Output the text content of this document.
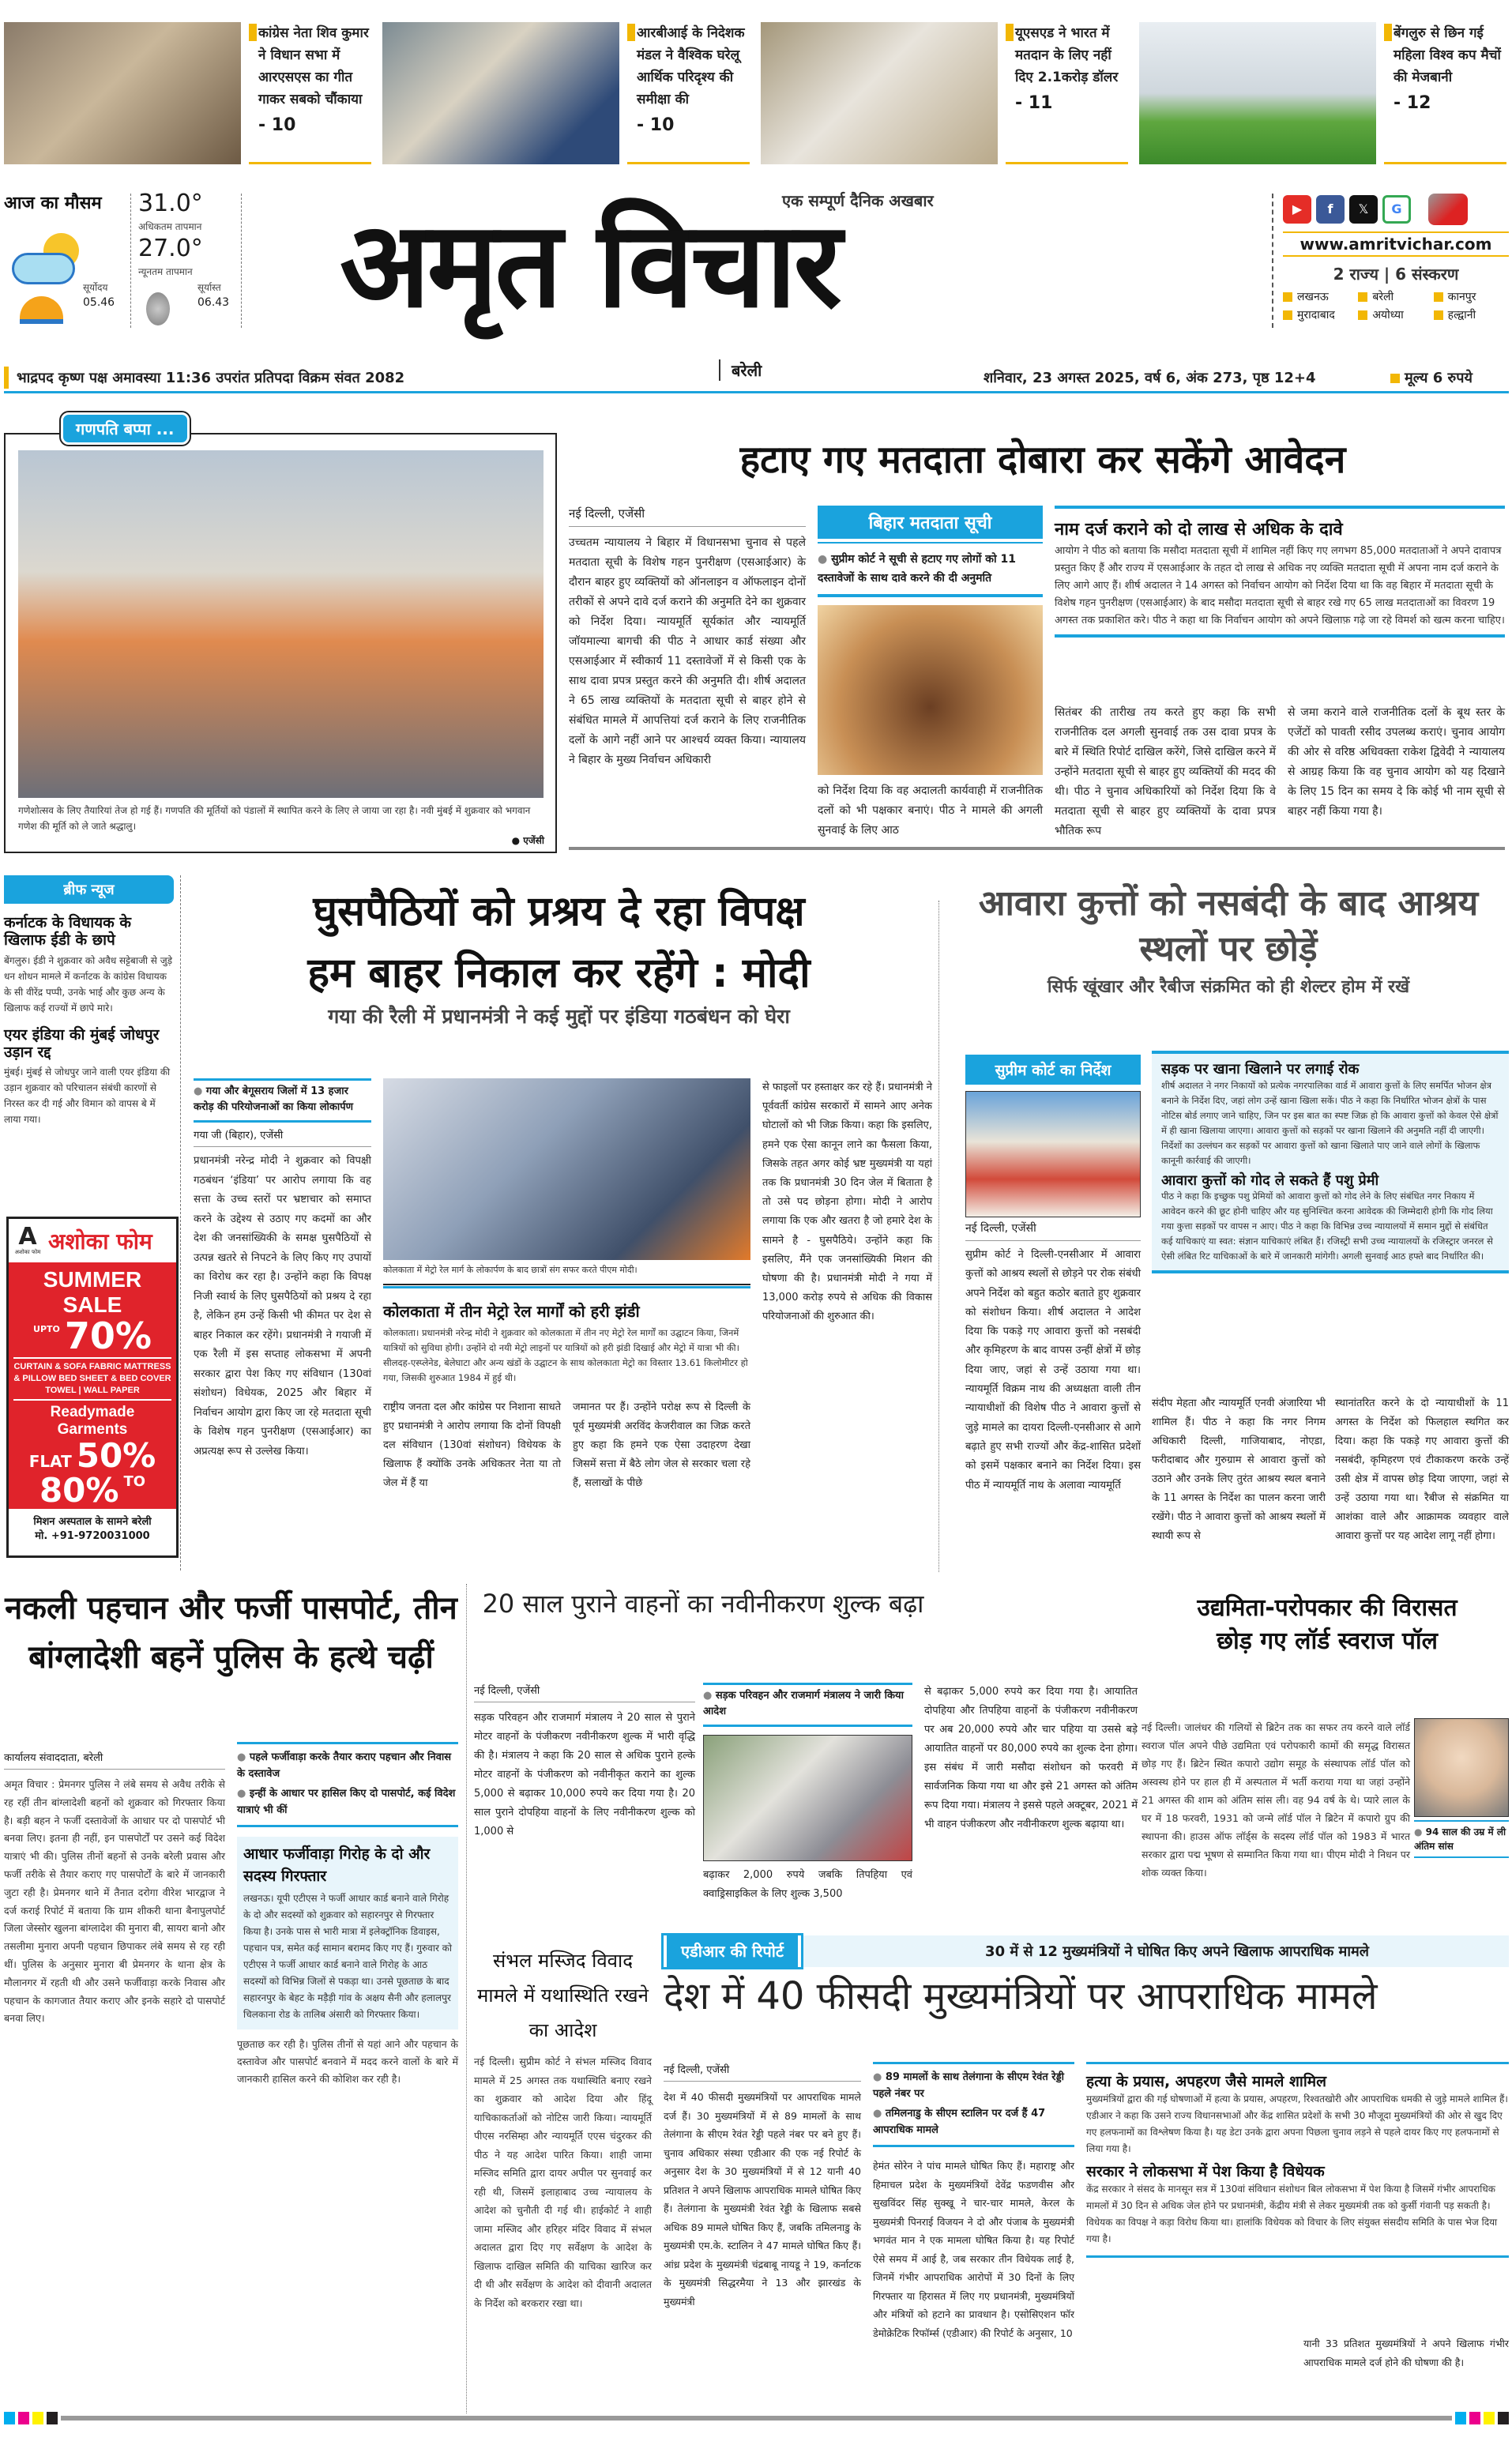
कांग्रेस नेता शिव कुमार ने विधान सभा में आरएसएस का गीत गाकर सबको चौंकाया
- 10
आरबीआई के निदेशक मंडल ने वैश्विक घरेलू आर्थिक परिदृश्य की समीक्षा की
- 10
यूएसएड ने भारत में मतदान के लिए नहीं दिए 2.1करोड़ डॉलर
- 11
बेंगलुरु से छिन गई महिला विश्व कप मैचों की मेजबानी
- 12
आज का मौसम 31.0°
अधिकतम तापमान
27.0°
न्यूनतम तापमान
सूर्योदय
05.46
सूर्यास्त
06.43 अमृत विचार
एक सम्पूर्ण दैनिक अखबार
बरेली
▶	f	𝕏	G
www.amritvichar.com
2 राज्य | 6 संस्करण
लखनऊ	बरेली	कानपुर
मुरादाबाद	अयोध्या	हल्द्वानी
भाद्रपद कृष्ण पक्ष अमावस्या 11:36 उपरांत प्रतिपदा विक्रम संवत 2082	शनिवार, 23 अगस्त 2025, वर्ष 6, अंक 273, पृष्ठ 12+4	मूल्य 6 रुपये
गणपति बप्पा ...
गणेशोत्सव के लिए तैयारियां तेज हो गई हैं। गणपति की मूर्तियों को पंडालों में स्थापित करने के लिए ले जाया जा रहा है। नवी मुंबई में शुक्रवार को भगवान गणेश की मूर्ति को ले जाते श्रद्धालु।
● एजेंसी
हटाए गए मतदाता दोबारा कर सकेंगे आवेदन
नई दिल्ली, एजेंसी
उच्चतम न्यायालय ने बिहार में विधानसभा चुनाव से पहले मतदाता सूची के विशेष गहन पुनरीक्षण (एसआईआर) के दौरान बाहर हुए व्यक्तियों को ऑनलाइन व ऑफलाइन दोनों तरीकों से अपने दावे दर्ज कराने की अनुमति देने का शुक्रवार को निर्देश दिया। न्यायमूर्ति सूर्यकांत और न्यायमूर्ति जॉयमाल्या बागची की पीठ ने आधार कार्ड संख्या और एसआईआर में स्वीकार्य 11 दस्तावेजों में से किसी एक के साथ दावा प्रपत्र प्रस्तुत करने की अनुमति दी। शीर्ष अदालत ने 65 लाख व्यक्तियों के मतदाता सूची से बाहर होने से संबंधित मामले में आपत्तियां दर्ज कराने के लिए राजनीतिक दलों के आगे नहीं आने पर आश्चर्य व्यक्त किया। न्यायालय ने बिहार के मुख्य निर्वाचन अधिकारी
बिहार मतदाता सूची
● सुप्रीम कोर्ट ने सूची से हटाए गए लोगों को 11 दस्तावेजों के साथ दावे करने की दी अनुमति
को निर्देश दिया कि वह अदालती कार्यवाही में राजनीतिक दलों को भी पक्षकार बनाएं। पीठ ने मामले की अगली सुनवाई के लिए आठ
नाम दर्ज कराने को दो लाख से अधिक के दावे
आयोग ने पीठ को बताया कि मसौदा मतदाता सूची में शामिल नहीं किए गए लगभग 85,000 मतदाताओं ने अपने दावापत्र प्रस्तुत किए हैं और राज्य में एसआईआर के तहत दो लाख से अधिक नए व्यक्ति मतदाता सूची में अपना नाम दर्ज कराने के लिए आगे आए हैं। शीर्ष अदालत ने 14 अगस्त को निर्वाचन आयोग को निर्देश दिया था कि वह बिहार में मतदाता सूची के विशेष गहन पुनरीक्षण (एसआईआर) के बाद मसौदा मतदाता सूची से बाहर रखे गए 65 लाख मतदाताओं का विवरण 19 अगस्त तक प्रकाशित करे। पीठ ने कहा था कि निर्वाचन आयोग को अपने खिलाफ़ गढ़े जा रहे विमर्श को खत्म करना चाहिए।
सितंबर की तारीख तय करते हुए कहा कि सभी राजनीतिक दल अगली सुनवाई तक उस दावा प्रपत्र के बारे में स्थिति रिपोर्ट दाखिल करेंगे, जिसे दाखिल करने में उन्होंने मतदाता सूची से बाहर हुए व्यक्तियों की मदद की थी। पीठ ने चुनाव अधिकारियों को निर्देश दिया कि वे मतदाता सूची से बाहर हुए व्यक्तियों के दावा प्रपत्र भौतिक रूप
से जमा कराने वाले राजनीतिक दलों के बूथ स्तर के एजेंटों को पावती रसीद उपलब्ध कराएं। चुनाव आयोग की ओर से वरिष्ठ अधिवक्ता राकेश द्विवेदी ने न्यायालय से आग्रह किया कि वह चुनाव आयोग को यह दिखाने के लिए 15 दिन का समय दे कि कोई भी नाम सूची से बाहर नहीं किया गया है।
ब्रीफ न्यूज
कर्नाटक के विधायक के खिलाफ ईडी के छापे
बेंगलुरु। ईडी ने शुक्रवार को अवैध सट्टेबाजी से जुड़े धन शोधन मामले में कर्नाटक के कांग्रेस विधायक के सी वीरेंद्र पप्पी, उनके भाई और कुछ अन्य के खिलाफ कई राज्यों में छापे मारे।
एयर इंडिया की मुंबई जोधपुर उड़ान रद्द
मुंबई। मुंबई से जोधपुर जाने वाली एयर इंडिया की उड़ान शुक्रवार को परिचालन संबंधी कारणों से निरस्त कर दी गई और विमान को वापस बे में लाया गया।
A
अशोका फोम अशोका फोम
SUMMER SALE
UPTO 70%
CURTAIN & SOFA FABRIC MATTRESS & PILLOW BED SHEET & BED COVER TOWEL | WALL PAPER
Readymade Garments
FLAT 50%
80% TO
मिशन अस्पताल के सामने बरेली
मो. +91-9720031000
घुसपैठियों को प्रश्रय दे रहा विपक्ष
हम बाहर निकाल कर रहेंगे : मोदी
गया की रैली में प्रधानमंत्री ने कई मुद्दों पर इंडिया गठबंधन को घेरा
● गया और बेगूसराय जिलों में 13 हजार करोड़ की परियोजनाओं का किया लोकार्पण
गया जी (बिहार), एजेंसी
प्रधानमंत्री नरेन्द्र मोदी ने शुक्रवार को विपक्षी गठबंधन ‘इंडिया’ पर आरोप लगाया कि वह सत्ता के उच्च स्तरों पर भ्रष्टाचार को समाप्त करने के उद्देश्य से उठाए गए कदमों का और देश की जनसांख्यिकी के समक्ष घुसपैठियों से उत्पन्न खतरे से निपटने के लिए किए गए उपायों का विरोध कर रहा है। उन्होंने कहा कि विपक्ष निजी स्वार्थ के लिए घुसपैठियों को प्रश्रय दे रहा है, लेकिन हम उन्हें किसी भी कीमत पर देश से बाहर निकाल कर रहेंगे। प्रधानमंत्री ने गयाजी में एक रैली में इस सप्ताह लोकसभा में अपनी सरकार द्वारा पेश किए गए संविधान (130वां संशोधन) विधेयक, 2025 और बिहार में निर्वाचन आयोग द्वारा किए जा रहे मतदाता सूची के विशेष गहन पुनरीक्षण (एसआईआर) का अप्रत्यक्ष रूप से उल्लेख किया।
कोलकाता में मेट्रो रेल मार्ग के लोकार्पण के बाद छात्रों संग सफर करते पीएम मोदी।
कोलकाता में तीन मेट्रो रेल मार्गों को हरी झंडी
कोलकाता। प्रधानमंत्री नरेन्द्र मोदी ने शुक्रवार को कोलकाता में तीन नए मेट्रो रेल मार्गों का उद्घाटन किया, जिनमें यात्रियों को सुविधा होगी। उन्होंने दो नयी मेट्रो लाइनों पर यात्रियों को हरी झंडी दिखाई और मेट्रो में यात्रा भी की। सीलदह-एस्प्लेनेड, बेलेघाटा और अन्य खंडों के उद्घाटन के साथ कोलकाता मेट्रो का विस्तार 13.61 किलोमीटर हो गया, जिसकी शुरुआत 1984 में हुई थी।
राष्ट्रीय जनता दल और कांग्रेस पर निशाना साधते हुए प्रधानमंत्री ने आरोप लगाया कि दोनों विपक्षी दल संविधान (130वां संशोधन) विधेयक के खिलाफ हैं क्योंकि उनके अधिकतर नेता या तो जेल में हैं या
जमानत पर हैं। उन्होंने परोक्ष रूप से दिल्ली के पूर्व मुख्यमंत्री अरविंद केजरीवाल का जिक्र करते हुए कहा कि हमने एक ऐसा उदाहरण देखा जिसमें सत्ता में बैठे लोग जेल से सरकार चला रहे हैं, सलाखों के पीछे
से फाइलों पर हस्ताक्षर कर रहे हैं। प्रधानमंत्री ने पूर्ववर्ती कांग्रेस सरकारों में सामने आए अनेक घोटालों को भी जिक्र किया। कहा कि इसलिए, हमने एक ऐसा कानून लाने का फैसला किया, जिसके तहत अगर कोई भ्रष्ट मुख्यमंत्री या यहां तक कि प्रधानमंत्री 30 दिन जेल में बिताता है तो उसे पद छोड़ना होगा। मोदी ने आरोप लगाया कि एक और खतरा है जो हमारे देश के सामने है - घुसपैठिये। उन्होंने कहा कि इसलिए, मैंने एक जनसांख्यिकी मिशन की घोषणा की है। प्रधानमंत्री मोदी ने गया में 13,000 करोड़ रुपये से अधिक की विकास परियोजनाओं की शुरुआत की।
आवारा कुत्तों को नसबंदी के बाद आश्रय स्थलों पर छोड़ें
सिर्फ खूंखार और रैबीज संक्रमित को ही शेल्टर होम में रखें
सुप्रीम कोर्ट का निर्देश
नई दिल्ली, एजेंसी
सुप्रीम कोर्ट ने दिल्ली-एनसीआर में आवारा कुत्तों को आश्रय स्थलों से छोड़ने पर रोक संबंधी अपने निर्देश को बहुत कठोर बताते हुए शुक्रवार को संशोधन किया। शीर्ष अदालत ने आदेश दिया कि पकड़े गए आवारा कुत्तों को नसबंदी और कृमिहरण के बाद वापस उन्हीं क्षेत्रों में छोड़ दिया जाए, जहां से उन्हें उठाया गया था। न्यायमूर्ति विक्रम नाथ की अध्यक्षता वाली तीन न्यायाधीशों की विशेष पीठ ने आवारा कुत्तों से जुड़े मामले का दायरा दिल्ली-एनसीआर से आगे बढ़ाते हुए सभी राज्यों और केंद्र-शासित प्रदेशों को इसमें पक्षकार बनाने का निर्देश दिया। इस पीठ में न्यायमूर्ति नाथ के अलावा न्यायमूर्ति
सड़क पर खाना खिलाने पर लगाई रोक
शीर्ष अदालत ने नगर निकायों को प्रत्येक नगरपालिका वार्ड में आवारा कुत्तों के लिए समर्पित भोजन क्षेत्र बनाने के निर्देश दिए, जहां लोग उन्हें खाना खिला सकें। पीठ ने कहा कि निर्धारित भोजन क्षेत्रों के पास नोटिस बोर्ड लगाए जाने चाहिए, जिन पर इस बात का स्पष्ट जिक्र हो कि आवारा कुत्तों को केवल ऐसे क्षेत्रों में ही खाना खिलाया जाएगा। आवारा कुत्तों को सड़कों पर खाना खिलाने की अनुमति नहीं दी जाएगी। निर्देशों का उल्लंघन कर सड़कों पर आवारा कुत्तों को खाना खिलाते पाए जाने वाले लोगों के खिलाफ कानूनी कार्रवाई की जाएगी।
आवारा कुत्तों को गोद ले सकते हैं पशु प्रेमी
पीठ ने कहा कि इच्छुक पशु प्रेमियों को आवारा कुत्तों को गोद लेने के लिए संबंधित नगर निकाय में आवेदन करने की छूट होनी चाहिए और यह सुनिश्चित करना आवेदक की जिम्मेदारी होगी कि गोद लिया गया कुत्ता सड़कों पर वापस न आए। पीठ ने कहा कि विभिन्न उच्च न्यायालयों में समान मुद्दों से संबंधित कई याचिकाएं या स्वत: संज्ञान याचिकाएं लंबित हैं। रजिस्ट्री सभी उच्च न्यायालयों के रजिस्ट्रार जनरल से ऐसी लंबित रिट याचिकाओं के बारे में जानकारी मांगेगी। अगली सुनवाई आठ हफ्ते बाद निर्धारित की।
संदीप मेहता और न्यायमूर्ति एनवी अंजारिया भी शामिल हैं। पीठ ने कहा कि नगर निगम अधिकारी दिल्ली, गाजियाबाद, नोएडा, फरीदाबाद और गुरुग्राम से आवारा कुत्तों को उठाने और उनके लिए तुरंत आश्रय स्थल बनाने के 11 अगस्त के निर्देश का पालन करना जारी रखेंगे। पीठ ने आवारा कुत्तों को आश्रय स्थलों में स्थायी रूप से
स्थानांतरित करने के दो न्यायाधीशों के 11 अगस्त के निर्देश को फिलहाल स्थगित कर दिया। कहा कि पकड़े गए आवारा कुत्तों की नसबंदी, कृमिहरण एवं टीकाकरण करके उन्हें उसी क्षेत्र में वापस छोड़ दिया जाएगा, जहां से उन्हें उठाया गया था। रैबीज से संक्रमित या आशंका वाले और आक्रामक व्यवहार वाले आवारा कुत्तों पर यह आदेश लागू नहीं होगा।
नकली पहचान और फर्जी पासपोर्ट, तीन बांग्लादेशी बहनें पुलिस के हत्थे चढ़ीं
कार्यालय संवाददाता, बरेली
अमृत विचार : प्रेमनगर पुलिस ने लंबे समय से अवैध तरीके से रह रहीं तीन बांग्लादेशी बहनों को शुक्रवार को गिरफ्तार किया है। बड़ी बहन ने फर्जी दस्तावेजों के आधार पर दो पासपोर्ट भी बनवा लिए। इतना ही नहीं, इन पासपोर्टों पर उसने कई विदेश यात्राएं भी की। पुलिस तीनों बहनों से उनके बरेली प्रवास और फर्जी तरीके से तैयार कराए गए पासपोर्टों के बारे में जानकारी जुटा रही है। प्रेमनगर थाने में तैनात दरोगा वीरेश भारद्वाज ने दर्ज कराई रिपोर्ट में बताया कि ग्राम शीकरी थाना बैनापुलपोर्ट जिला जेस्सोर खुलना बांग्लादेश की मुनारा बी, सायरा बानो और तसलीमा मुनारा अपनी पहचान छिपाकर लंबे समय से रह रही थीं। पुलिस के अनुसार मुनारा बी प्रेमनगर के थाना क्षेत्र के मौलानगर में रहती थी और उसने फर्जीवाड़ा करके निवास और पहचान के कागजात तैयार कराए और इनके सहारे दो पासपोर्ट बनवा लिए।
● पहले फर्जीवाड़ा करके तैयार कराए पहचान और निवास के दस्तावेज
● इन्हीं के आधार पर हासिल किए दो पासपोर्ट, कई विदेश यात्राएं भी कीं
आधार फर्जीवाड़ा गिरोह के दो और सदस्य गिरफ्तार
लखनऊ। यूपी एटीएस ने फर्जी आधार कार्ड बनाने वाले गिरोह के दो और सदस्यों को शुक्रवार को सहारनपुर से गिरफ्तार किया है। उनके पास से भारी मात्रा में इलेक्ट्रॉनिक डिवाइस, पहचान पत्र, समेत कई सामान बरामद किए गए हैं। गुरुवार को एटीएस ने फर्जी आधार कार्ड बनाने वाले गिरोह के आठ सदस्यों को विभिन्न जिलों से पकड़ा था। उनसे पूछताछ के बाद सहारनपुर के बेहट के मड़ैड़ी गांव के अक्षय सैनी और हलालपुर चिलकाना रोड के तालिब अंसारी को गिरफ्तार किया।
पूछताछ कर रही है। पुलिस तीनों से यहां आने और पहचान के दस्तावेज और पासपोर्ट बनवाने में मदद करने वालों के बारे में जानकारी हासिल करने की कोशिश कर रही है।
20 साल पुराने वाहनों का नवीनीकरण शुल्क बढ़ा
नई दिल्ली, एजेंसी
सड़क परिवहन और राजमार्ग मंत्रालय ने 20 साल से पुराने मोटर वाहनों के पंजीकरण नवीनीकरण शुल्क में भारी वृद्धि की है। मंत्रालय ने कहा कि 20 साल से अधिक पुराने हल्के मोटर वाहनों के पंजीकरण को नवीनीकृत कराने का शुल्क 5,000 से बढ़ाकर 10,000 रुपये कर दिया गया है। 20 साल पुराने दोपहिया वाहनों के लिए नवीनीकरण शुल्क को 1,000 से
● सड़क परिवहन और राजमार्ग मंत्रालय ने जारी किया आदेश
बढ़ाकर 2,000 रुपये जबकि तिपहिया एवं क्वाड्रिसाइकिल के लिए शुल्क 3,500
से बढ़ाकर 5,000 रुपये कर दिया गया है। आयातित दोपहिया और तिपहिया वाहनों के पंजीकरण नवीनीकरण पर अब 20,000 रुपये और चार पहिया या उससे बड़े आयातित वाहनों पर 80,000 रुपये का शुल्क देना होगा। इस संबंध में जारी मसौदा संशोधन को फरवरी में सार्वजनिक किया गया था और इसे 21 अगस्त को अंतिम रूप दिया गया। मंत्रालय ने इससे पहले अक्टूबर, 2021 में भी वाहन पंजीकरण और नवीनीकरण शुल्क बढ़ाया था।
उद्यमिता-परोपकार की विरासत
छोड़ गए लॉर्ड स्वराज पॉल
नई दिल्ली। जालंधर की गलियों से ब्रिटेन तक का सफर तय करने वाले लॉर्ड स्वराज पॉल अपने पीछे उद्यमिता एवं परोपकारी कामों की समृद्ध विरासत छोड़ गए हैं। ब्रिटेन स्थित कपारो उद्योग समूह के संस्थापक लॉर्ड पॉल को अस्वस्थ होने पर हाल ही में अस्पताल में भर्ती कराया गया था जहां उन्होंने 21 अगस्त की शाम को अंतिम सांस ली। वह 94 वर्ष के थे। प्यारे लाल के घर में 18 फरवरी, 1931 को जन्मे लॉर्ड पॉल ने ब्रिटेन में कपारो ग्रुप की स्थापना की। हाउस ऑफ लॉर्ड्स के सदस्य लॉर्ड पॉल को 1983 में भारत सरकार द्वारा पद्म भूषण से सम्मानित किया गया था। पीएम मोदी ने निधन पर शोक व्यक्त किया।
● 94 साल की उम्र में ली अंतिम सांस
संभल मस्जिद विवाद मामले में यथास्थिति रखने का आदेश
नई दिल्ली। सुप्रीम कोर्ट ने संभल मस्जिद विवाद मामले में 25 अगस्त तक यथास्थिति बनाए रखने का शुक्रवार को आदेश दिया और हिंदू याचिकाकर्ताओं को नोटिस जारी किया। न्यायमूर्ति पीएस नरसिम्हा और न्यायमूर्ति एएस चंदुरकर की पीठ ने यह आदेश पारित किया। शाही जामा मस्जिद समिति द्वारा दायर अपील पर सुनवाई कर रही थी, जिसमें इलाहाबाद उच्च न्यायालय के आदेश को चुनौती दी गई थी। हाईकोर्ट ने शाही जामा मस्जिद और हरिहर मंदिर विवाद में संभल अदालत द्वारा दिए गए सर्वेक्षण के आदेश के खिलाफ दाखिल समिति की याचिका खारिज कर दी थी और सर्वेक्षण के आदेश को दीवानी अदालत के निर्देश को बरकरार रखा था।
एडीआर की रिपोर्ट	30 में से 12 मुख्यमंत्रियों ने घोषित किए अपने खिलाफ आपराधिक मामले
देश में 40 फीसदी मुख्यमंत्रियों पर आपराधिक मामले
नई दिल्ली, एजेंसी
देश में 40 फीसदी मुख्यमंत्रियों पर आपराधिक मामले दर्ज हैं। 30 मुख्यमंत्रियों में से 89 मामलों के साथ तेलंगाना के सीएम रेवंत रेड्डी पहले नंबर पर बने हुए हैं। चुनाव अधिकार संस्था एडीआर की एक नई रिपोर्ट के अनुसार देश के 30 मुख्यमंत्रियों में से 12 यानी 40 प्रतिशत ने अपने खिलाफ आपराधिक मामले घोषित किए हैं। तेलंगाना के मुख्यमंत्री रेवंत रेड्डी के खिलाफ सबसे अधिक 89 मामले घोषित किए हैं, जबकि तमिलनाडु के मुख्यमंत्री एम.के. स्टालिन ने 47 मामले घोषित किए हैं। आंध्र प्रदेश के मुख्यमंत्री चंद्रबाबू नायडू ने 19, कर्नाटक के मुख्यमंत्री सिद्धरमैया ने 13 और झारखंड के मुख्यमंत्री
● 89 मामलों के साथ तेलंगाना के सीएम रेवंत रेड्डी पहले नंबर पर
● तमिलनाडु के सीएम स्टालिन पर दर्ज हैं 47 आपराधिक मामले
हेमंत सोरेन ने पांच मामले घोषित किए हैं। महाराष्ट्र और हिमाचल प्रदेश के मुख्यमंत्रियों देवेंद्र फडणवीस और सुखविंदर सिंह सुक्खू ने चार-चार मामले, केरल के मुख्यमंत्री पिनराई विजयन ने दो और पंजाब के मुख्यमंत्री भगवंत मान ने एक मामला घोषित किया है। यह रिपोर्ट ऐसे समय में आई है, जब सरकार तीन विधेयक लाई है, जिनमें गंभीर आपराधिक आरोपों में 30 दिनों के लिए गिरफ्तार या हिरासत में लिए गए प्रधानमंत्री, मुख्यमंत्रियों और मंत्रियों को हटाने का प्रावधान है। एसोसिएशन फॉर डेमोक्रेटिक रिफॉर्म्स (एडीआर) की रिपोर्ट के अनुसार, 10
हत्या के प्रयास, अपहरण जैसे मामले शामिल
मुख्यमंत्रियों द्वारा की गई घोषणाओं में हत्या के प्रयास, अपहरण, रिश्वतखोरी और आपराधिक धमकी से जुड़े मामले शामिल हैं। एडीआर ने कहा कि उसने राज्य विधानसभाओं और केंद्र शासित प्रदेशों के सभी 30 मौजूदा मुख्यमंत्रियों की ओर से खुद दिए गए हलफनामों का विश्लेषण किया है। यह डेटा उनके द्वारा अपना पिछला चुनाव लड़ने से पहले दायर किए गए हलफनामों से लिया गया है।
सरकार ने लोकसभा में पेश किया है विधेयक
केंद्र सरकार ने संसद के मानसून सत्र में 130वां संविधान संशोधन बिल लोकसभा में पेश किया है जिसमें गंभीर आपराधिक मामलों में 30 दिन से अधिक जेल होने पर प्रधानमंत्री, केंद्रीय मंत्री से लेकर मुख्यमंत्री तक को कुर्सी गंवानी पड़ सकती है। विधेयक का विपक्ष ने कड़ा विरोध किया था। हालांकि विधेयक को विचार के लिए संयुक्त संसदीय समिति के पास भेज दिया गया है।
यानी 33 प्रतिशत मुख्यमंत्रियों ने अपने खिलाफ गंभीर आपराधिक मामले दर्ज होने की घोषणा की है।
